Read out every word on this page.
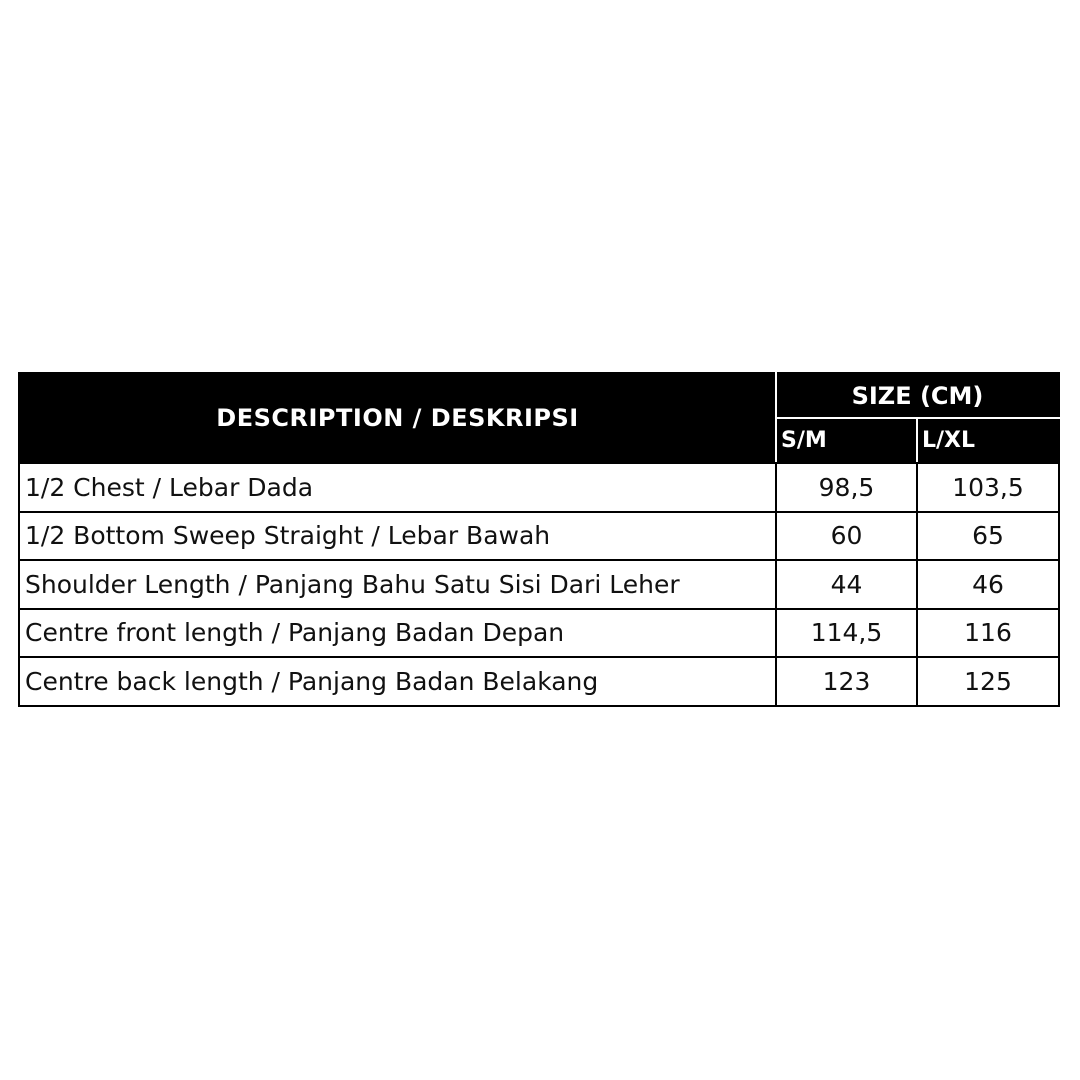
DESCRIPTION / DESKRIPSI	SIZE (CM)	
	S/M	L/XL
1/2 Chest / Lebar Dada	98,5	103,5
1/2 Bottom Sweep Straight / Lebar Bawah	60	65
Shoulder Length / Panjang Bahu Satu Sisi Dari Leher	44	46
Centre front length / Panjang Badan Depan	114,5	116
Centre back length / Panjang Badan Belakang	123	125
